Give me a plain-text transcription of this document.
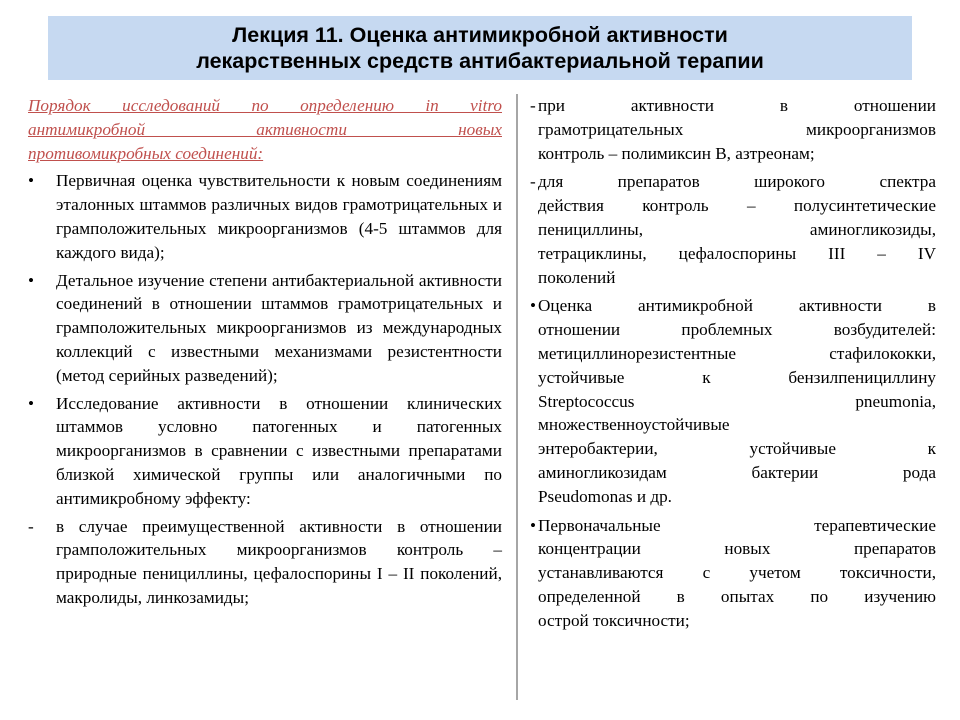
Лекция 11. Оценка антимикробной активности
лекарственных средств антибактериальной терапии
Порядок исследований по определению in vitro
антимикробной активности новых
противомикробных соединений:
• Первичная оценка чувствительности к новым соединениям эталонных штаммов различных видов грамотрицательных и грамположительных микроорганизмов (4-5 штаммов для каждого вида);
• Детальное изучение степени антибактериальной активности соединений в отношении штаммов грамотрицательных и грамположительных микроорганизмов из международных коллекций с известными механизмами резистентности (метод серийных разведений);
• Исследование активности в отношении клинических штаммов условно патогенных и патогенных микроорганизмов в сравнении с известными препаратами близкой химической группы или аналогичными по антимикробному эффекту:
- в случае преимущественной активности в отношении грамположительных микроорганизмов контроль – природные пенициллины, цефалоспорины I – II поколений, макролиды, линкозамиды;
- при активности в отношении
грамотрицательных микроорганизмов
контроль – полимиксин В, азтреонам;
- для препаратов широкого спектра
действия контроль – полусинтетические
пенициллины, аминогликозиды,
тетрациклины, цефалоспорины III – IV
поколений
• Оценка антимикробной активности в
отношении проблемных возбудителей:
метициллинорезистентные стафилококки,
устойчивые к бензилпенициллину
Streptococcus pneumonia,
множественноустойчивые
энтеробактерии, устойчивые к
аминогликозидам бактерии рода
Pseudomonas и др.
• Первоначальные терапевтические
концентрации новых препаратов
устанавливаются с учетом токсичности,
определенной в опытах по изучению
острой токсичности;
